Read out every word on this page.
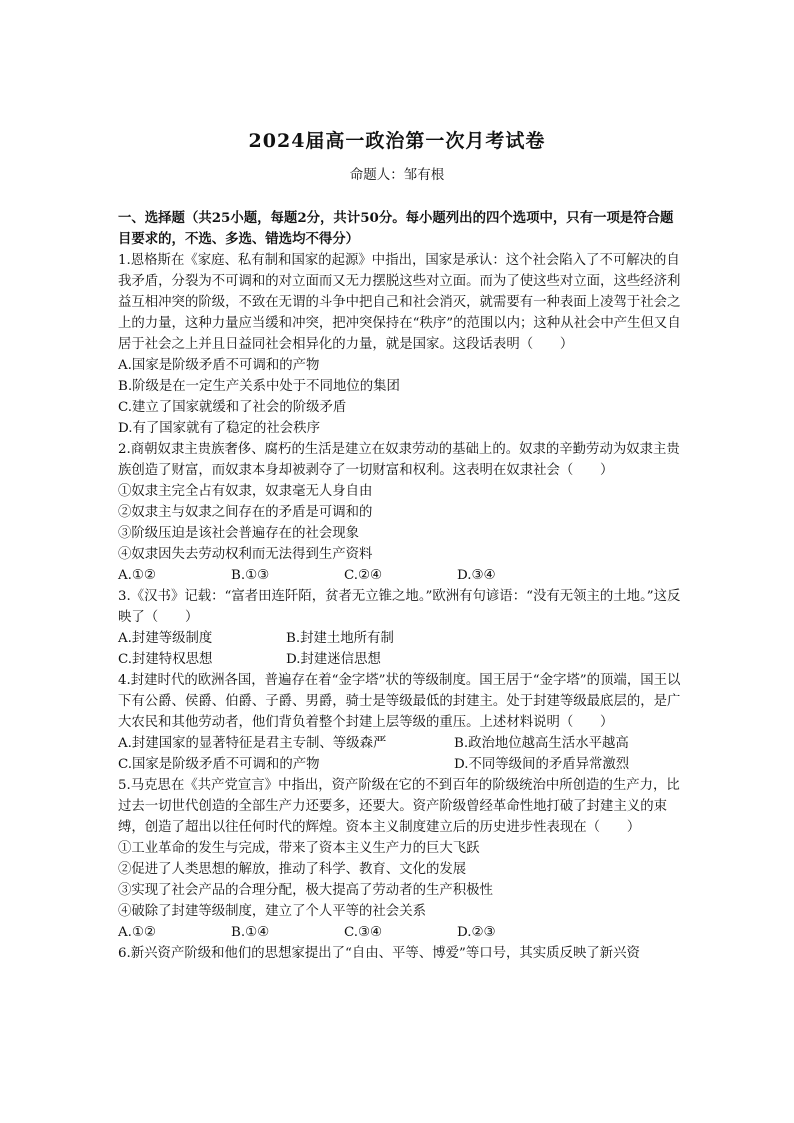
2024届高一政治第一次月考试卷
命题人：邹有根

一、选择题（共25小题，每题2分，共计50分。每小题列出的四个选项中，只有一项是符合题目要求的，不选、多选、错选均不得分）

1.恩格斯在《家庭、私有制和国家的起源》中指出，国家是承认：这个社会陷入了不可解决的自我矛盾，分裂为不可调和的对立面而又无力摆脱这些对立面。而为了使这些对立面，这些经济利益互相冲突的阶级，不致在无谓的斗争中把自己和社会消灭，就需要有一种表面上凌驾于社会之上的力量，这种力量应当缓和冲突，把冲突保持在“秩序”的范围以内；这种从社会中产生但又自居于社会之上并且日益同社会相异化的力量，就是国家。这段话表明（　　）

A.国家是阶级矛盾不可调和的产物

B.阶级是在一定生产关系中处于不同地位的集团

C.建立了国家就缓和了社会的阶级矛盾

D.有了国家就有了稳定的社会秩序

2.商朝奴隶主贵族奢侈、腐朽的生活是建立在奴隶劳动的基础上的。奴隶的辛勤劳动为奴隶主贵族创造了财富，而奴隶本身却被剥夺了一切财富和权利。这表明在奴隶社会（　　）

①奴隶主完全占有奴隶，奴隶毫无人身自由

②奴隶主与奴隶之间存在的矛盾是可调和的

③阶级压迫是该社会普遍存在的社会现象

④奴隶因失去劳动权利而无法得到生产资料

A.①②	B.①③	C.②④	D.③④

3.《汉书》记载：“富者田连阡陌，贫者无立锥之地。”欧洲有句谚语：“没有无领主的土地。”这反映了（　　）

A.封建等级制度	B.封建土地所有制
C.封建特权思想	D.封建迷信思想

4.封建时代的欧洲各国，普遍存在着“金字塔”状的等级制度。国王居于“金字塔”的顶端，国王以下有公爵、侯爵、伯爵、子爵、男爵，骑士是等级最低的封建主。处于封建等级最底层的，是广大农民和其他劳动者，他们背负着整个封建上层等级的重压。上述材料说明（　　）

A.封建国家的显著特征是君主专制、等级森严	B.政治地位越高生活水平越高
C.国家是阶级矛盾不可调和的产物	D.不同等级间的矛盾异常激烈

5.马克思在《共产党宣言》中指出，资产阶级在它的不到百年的阶级统治中所创造的生产力，比过去一切世代创造的全部生产力还要多，还要大。资产阶级曾经革命性地打破了封建主义的束缚，创造了超出以往任何时代的辉煌。资本主义制度建立后的历史进步性表现在（　　）

①工业革命的发生与完成，带来了资本主义生产力的巨大飞跃

②促进了人类思想的解放，推动了科学、教育、文化的发展

③实现了社会产品的合理分配，极大提高了劳动者的生产积极性

④破除了封建等级制度，建立了个人平等的社会关系

A.①②	B.①④	C.③④	D.②③

6.新兴资产阶级和他们的思想家提出了“自由、平等、博爱”等口号，其实质反映了新兴资
